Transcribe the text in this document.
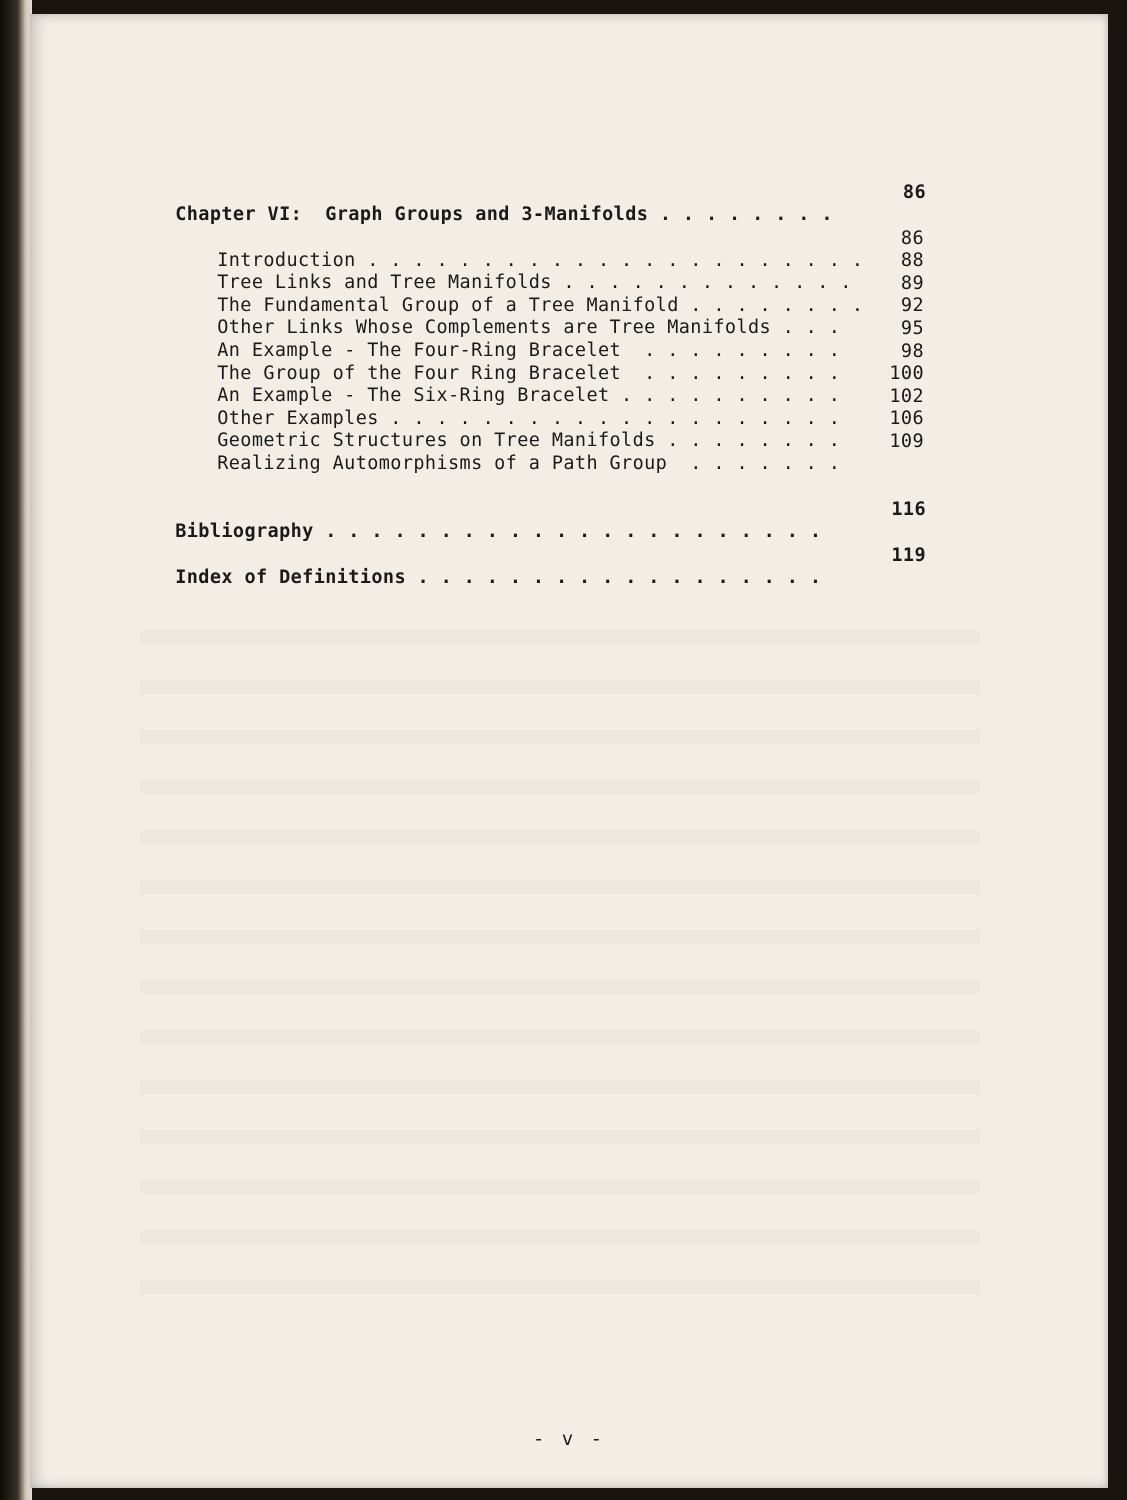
Chapter VI:  Graph Groups and 3-Manifolds . . . . . . . .

86

Introduction . . . . . . . . . . . . . . . . . . . . . .

86

Tree Links and Tree Manifolds . . . . . . . . . . . . .

88

The Fundamental Group of a Tree Manifold . . . . . . . .

89

Other Links Whose Complements are Tree Manifolds . . .

92

An Example - The Four-Ring Bracelet  . . . . . . . . .

95

The Group of the Four Ring Bracelet  . . . . . . . . .

98

An Example - The Six-Ring Bracelet . . . . . . . . . .

100

Other Examples . . . . . . . . . . . . . . . . . . . .

102

Geometric Structures on Tree Manifolds . . . . . . . .

106

Realizing Automorphisms of a Path Group  . . . . . . .

109

Bibliography . . . . . . . . . . . . . . . . . . . . . .

116

Index of Definitions . . . . . . . . . . . . . . . . . .

119

- v -
